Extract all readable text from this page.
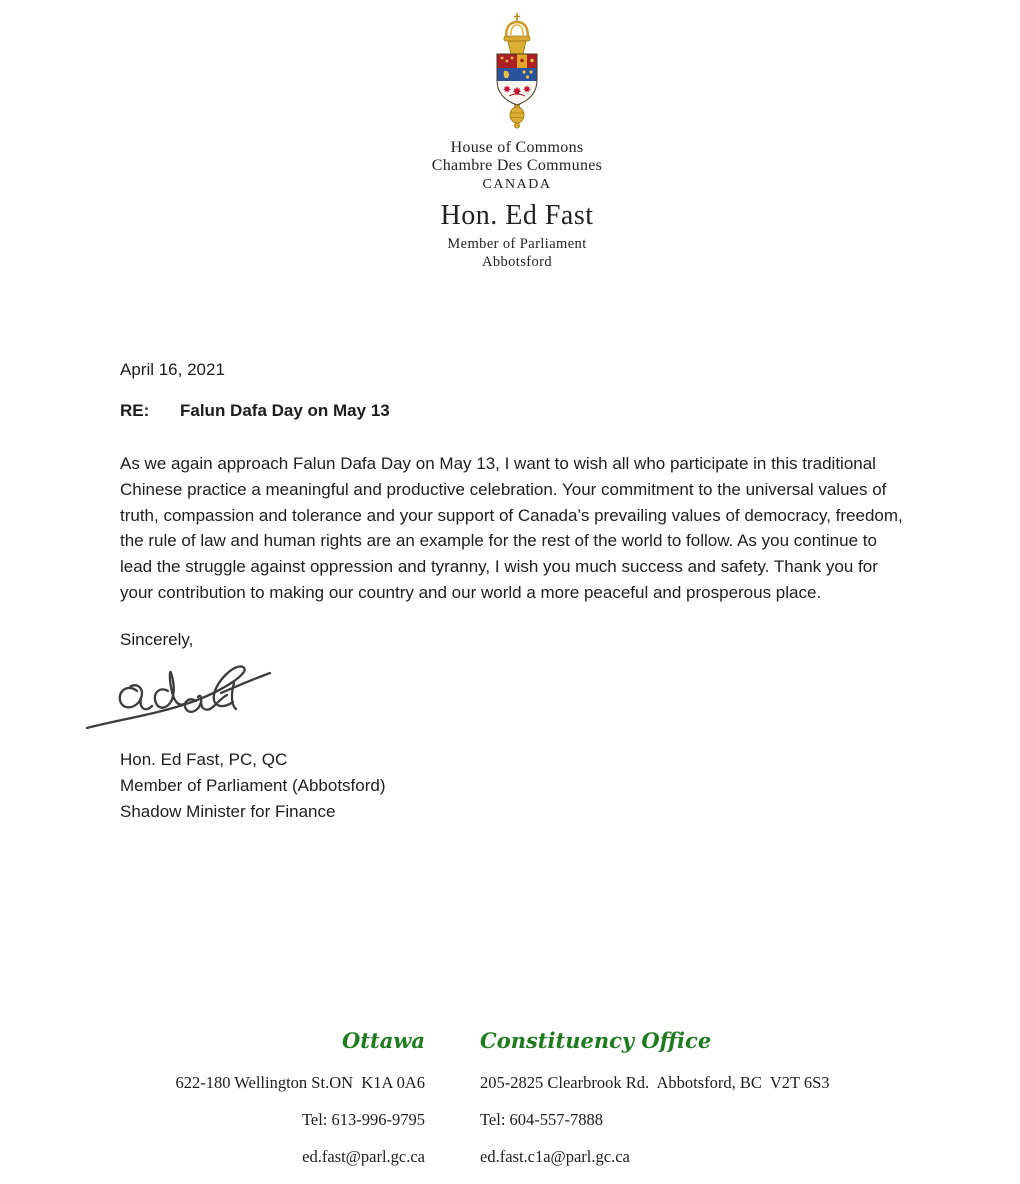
House of Commons
Chambre Des Communes
CANADA
Hon. Ed Fast
Member of Parliament
Abbotsford
April 16, 2021
RE: Falun Dafa Day on May 13

As we again approach Falun Dafa Day on May 13, I want to wish all who participate in this traditional Chinese practice a meaningful and productive celebration. Your commitment to the universal values of truth, compassion and tolerance and your support of Canada’s prevailing values of democracy, freedom, the rule of law and human rights are an example for the rest of the world to follow. As you continue to lead the struggle against oppression and tyranny, I wish you much success and safety. Thank you for your contribution to making our country and our world a more peaceful and prosperous place.

Sincerely,
Hon. Ed Fast, PC, QC
Member of Parliament (Abbotsford)
Shadow Minister for Finance
Ottawa	Constituency Office
622-180 Wellington St.ON  K1A 0A6	205-2825 Clearbrook Rd.  Abbotsford, BC  V2T 6S3
Tel: 613-996-9795	Tel: 604-557-7888
ed.fast@parl.gc.ca	ed.fast.c1a@parl.gc.ca
